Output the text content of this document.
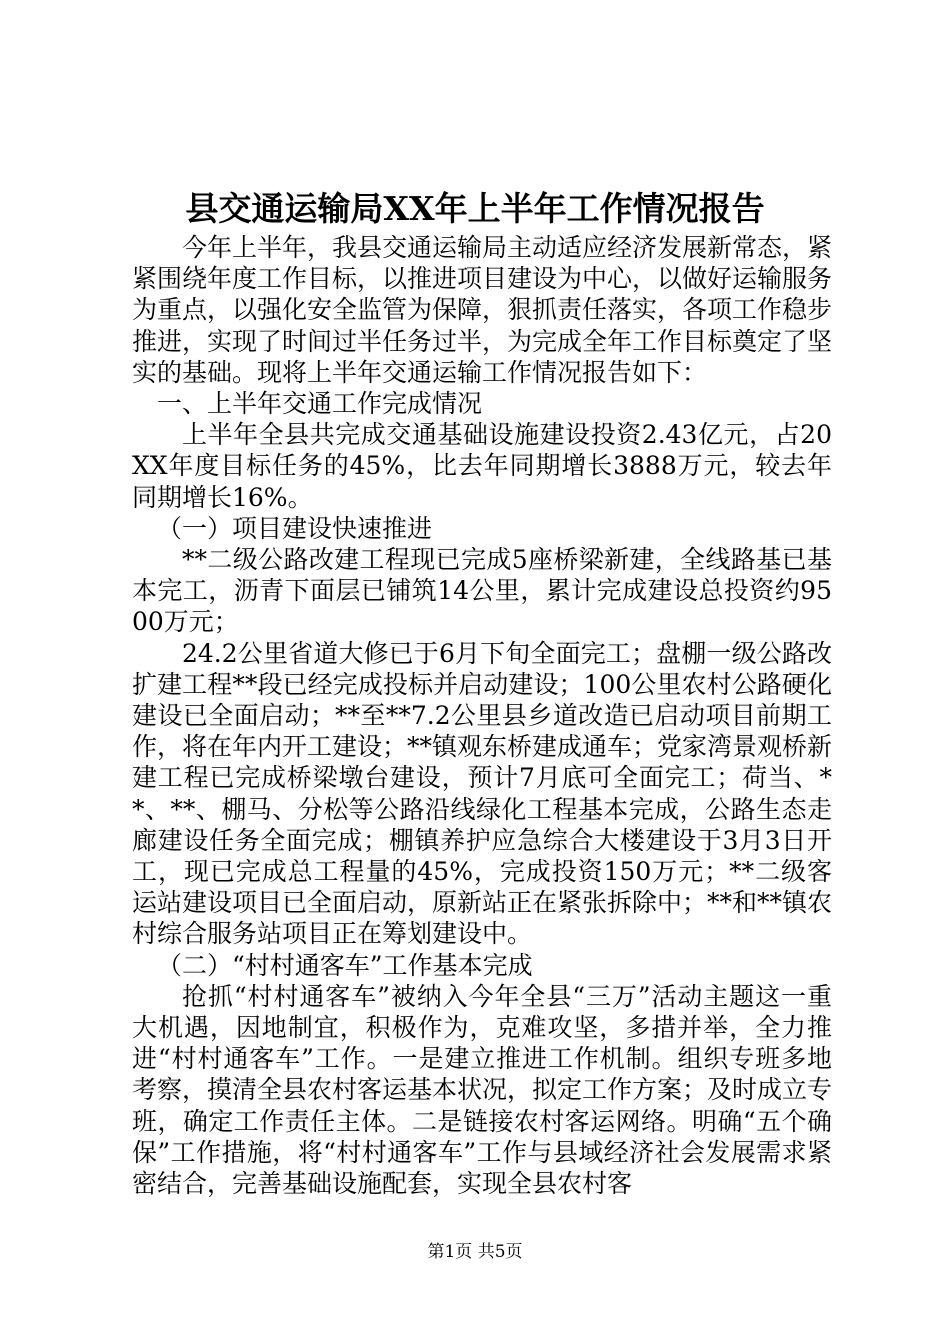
县交通运输局XX年上半年工作情况报告

今年上半年，我县交通运输局主动适应经济发展新常态，紧紧围绕年度工作目标，以推进项目建设为中心，以做好运输服务为重点，以强化安全监管为保障，狠抓责任落实，各项工作稳步推进，实现了时间过半任务过半，为完成全年工作目标奠定了坚实的基础。现将上半年交通运输工作情况报告如下：

一、上半年交通工作完成情况

上半年全县共完成交通基础设施建设投资2.43亿元，占20XX年度目标任务的45%，比去年同期增长3888万元，较去年同期增长16%。

（一）项目建设快速推进

**二级公路改建工程现已完成5座桥梁新建，全线路基已基本完工，沥青下面层已铺筑14公里，累计完成建设总投资约9500万元；

24.2公里省道大修已于6月下旬全面完工；盘棚一级公路改扩建工程**段已经完成投标并启动建设；100公里农村公路硬化建设已全面启动；**至**7.2公里县乡道改造已启动项目前期工作，将在年内开工建设；**镇观东桥建成通车；党家湾景观桥新建工程已完成桥梁墩台建设，预计7月底可全面完工；荷当、**、**、棚马、分松等公路沿线绿化工程基本完成，公路生态走廊建设任务全面完成；棚镇养护应急综合大楼建设于3月3日开工，现已完成总工程量的45%，完成投资150万元；**二级客运站建设项目已全面启动，原新站正在紧张拆除中；**和**镇农村综合服务站项目正在筹划建设中。

（二）“村村通客车”工作基本完成

抢抓“村村通客车”被纳入今年全县“三万”活动主题这一重大机遇，因地制宜，积极作为，克难攻坚，多措并举，全力推进“村村通客车”工作。一是建立推进工作机制。组织专班多地考察，摸清全县农村客运基本状况，拟定工作方案；及时成立专班，确定工作责任主体。二是链接农村客运网络。明确“五个确保”工作措施，将“村村通客车”工作与县域经济社会发展需求紧密结合，完善基础设施配套，实现全县农村客

第1页 共5页
